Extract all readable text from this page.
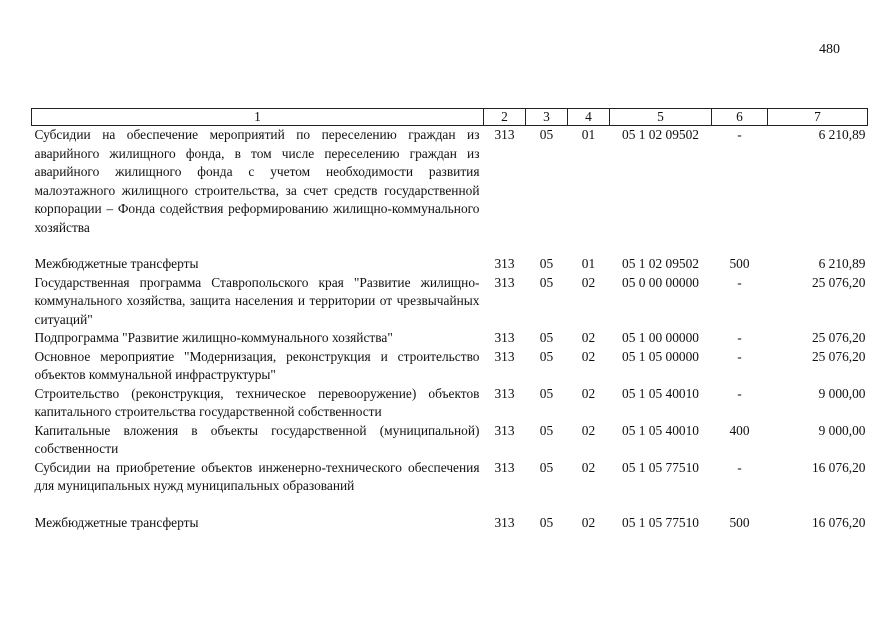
480
1	2	3	4	5	6	7
Субсидии на обеспечение мероприятий по переселению граждан из аварийного жилищного фонда, в том числе переселению граждан из аварийного жилищного фонда с учетом необходимости развития малоэтажного жилищного строительства, за счет средств государственной корпорации – Фонда содействия реформированию жилищно-коммунального хозяйства	313	05	01	05 1 02 09502	-	6 210,89

Межбюджетные трансферты	313	05	01	05 1 02 09502	500	6 210,89
Государственная программа Ставропольского края "Развитие жилищно-коммунального хозяйства, защита населения и территории от чрезвычайных ситуаций"	313	05	02	05 0 00 00000	-	25 076,20
Подпрограмма "Развитие жилищно-коммунального хозяйства"	313	05	02	05 1 00 00000	-	25 076,20
Основное мероприятие "Модернизация, реконструкция и строительство объектов коммунальной инфраструктуры"	313	05	02	05 1 05 00000	-	25 076,20
Строительство (реконструкция, техническое перевооружение) объектов капитального строительства государственной собственности	313	05	02	05 1 05 40010	-	9 000,00
Капитальные вложения в объекты государственной (муниципальной) собственности	313	05	02	05 1 05 40010	400	9 000,00
Субсидии на приобретение объектов инженерно-технического обеспечения для муниципальных нужд муниципальных образований	313	05	02	05 1 05 77510	-	16 076,20

Межбюджетные трансферты	313	05	02	05 1 05 77510	500	16 076,20
